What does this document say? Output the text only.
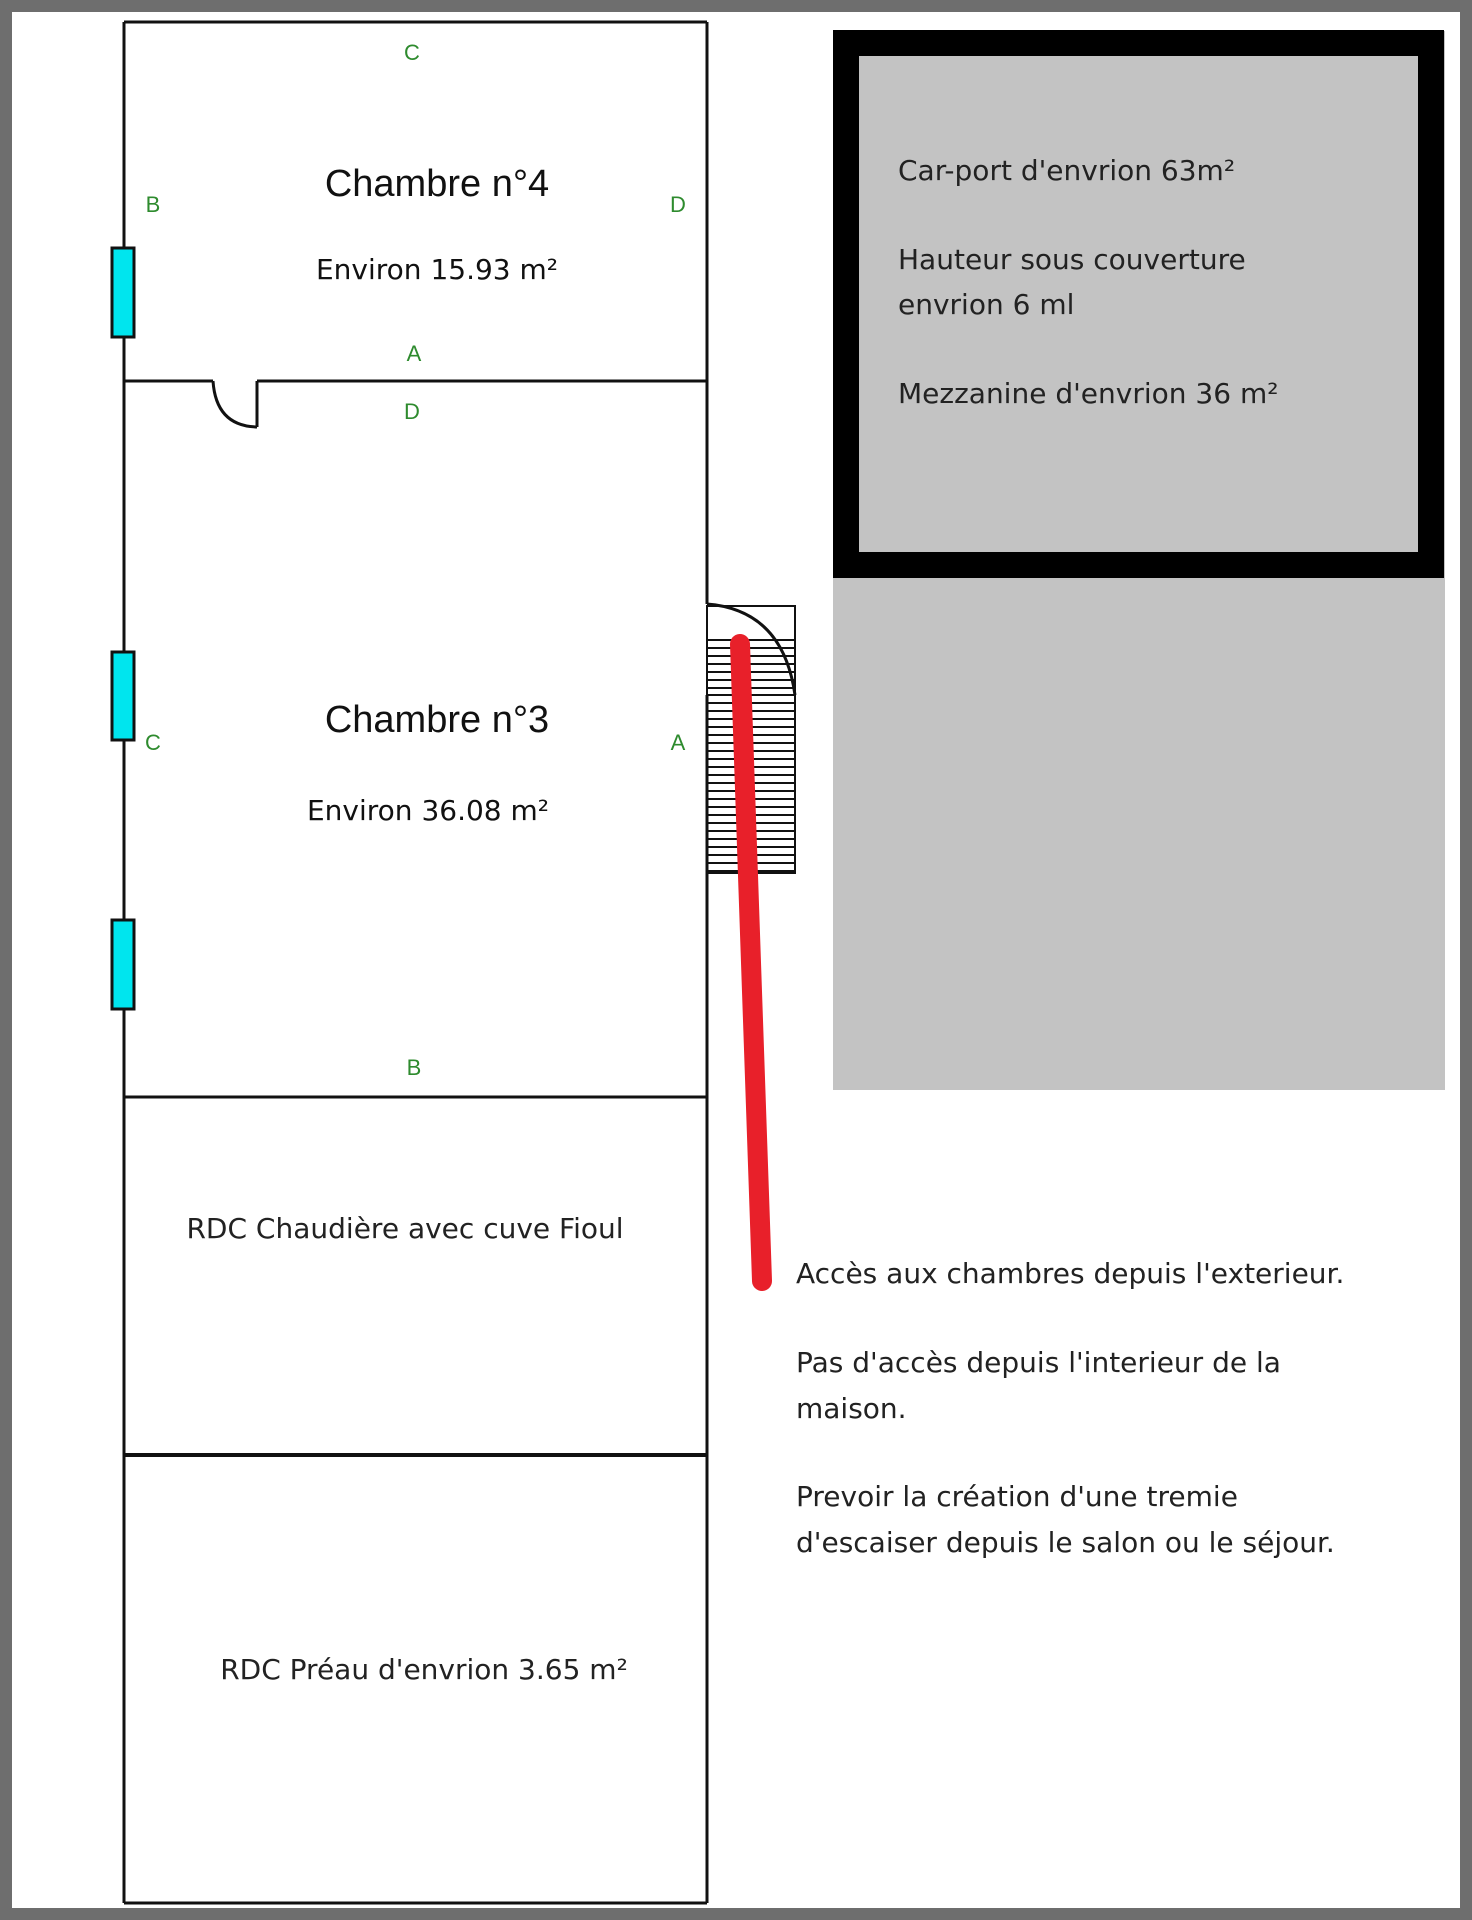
Car-port d'envrion 63m²
Hauteur sous couverture
envrion 6 ml
Mezzanine d'envrion 36 m²
Chambre n°4
Environ 15.93 m²
C
B	D
A
Chambre n°3
Environ 36.08 m²
D
C	A
B
RDC Chaudière avec cuve Fioul
RDC Préau d'envrion 3.65 m²
Accès aux chambres depuis l'exterieur.
Pas d'accès depuis l'interieur de la
maison.
Prevoir la création d'une tremie
d'escaiser depuis le salon ou le séjour.
